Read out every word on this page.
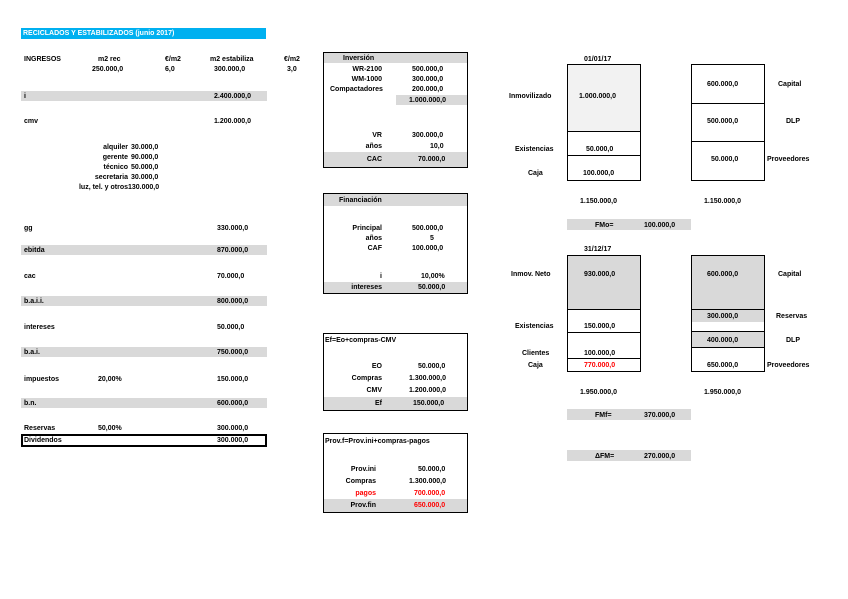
RECICLADOS Y ESTABILIZADOS (junio 2017)
INGRESOS	m2 rec	€/m2	m2 estabiliza	€/m2
250.000,0	6,0	300.000,0	3,0
i	2.400.000,0
cmv	1.200.000,0
alquiler 30.000,0
gerente 90.000,0
técnico 50.000,0
secretaria 30.000,0
luz, tel. y otros 130.000,0
gg	330.000,0
ebitda	870.000,0
cac	70.000,0
b.a.i.i.	800.000,0
intereses	50.000,0
b.a.i.	750.000,0
impuestos	20,00%	150.000,0
b.n.	600.000,0
Reservas	50,00%	300.000,0
Dividendos	300.000,0
Inversión
WR-2100	500.000,0
WM-1000	300.000,0
Compactadores	200.000,0
1.000.000,0
VR	300.000,0
años	10,0
CAC	70.000,0
Financiación
Principal	500.000,0
años	5
CAF	100.000,0
i	10,00%
intereses	50.000,0
Ef=Eo+compras-CMV
EO	50.000,0
Compras	1.300.000,0
CMV	1.200.000,0
Ef	150.000,0
Prov.f=Prov.ini+compras-pagos
Prov.ini	50.000,0
Compras	1.300.000,0
pagos	700.000,0
Prov.fin	650.000,0
01/01/17
Inmovilizado	1.000.000,0
Existencias	50.000,0
Caja	100.000,0
1.150.000,0
600.000,0	Capital
500.000,0	DLP
50.000,0	Proveedores
1.150.000,0
FMo=	100.000,0
31/12/17
Inmov. Neto	930.000,0
Existencias	150.000,0
Clientes	100.000,0
Caja	770.000,0
1.950.000,0
600.000,0	Capital
300.000,0	Reservas
400.000,0	DLP
650.000,0	Proveedores
1.950.000,0
FMf=	370.000,0
ΔFM=	270.000,0
